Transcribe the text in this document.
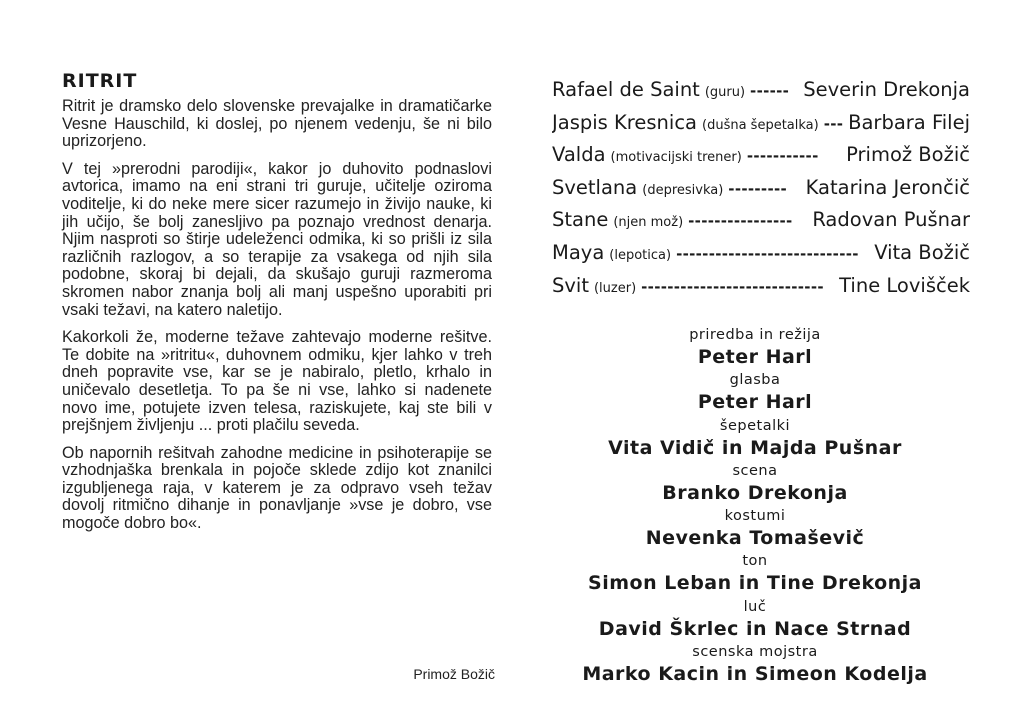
RITRIT

Ritrit je dramsko delo slovenske prevajalke in dramatičarke Vesne Hauschild, ki doslej, po njenem vedenju, še ni bilo uprizorjeno.

V tej »prerodni parodiji«, kakor jo duhovito podnaslovi avtorica, imamo na eni strani tri guruje, učitelje oziroma voditelje, ki do neke mere sicer razumejo in živijo nauke, ki jih učijo, še bolj zanesljivo pa poznajo vrednost denarja. Njim nasproti so štirje udeleženci odmika, ki so prišli iz sila različnih razlogov, a so terapije za vsakega od njih sila podobne, skoraj bi dejali, da skušajo guruji razmeroma skromen nabor znanja bolj ali manj uspešno uporabiti pri vsaki težavi, na katero naletijo.

Kakorkoli že, moderne težave zahtevajo moderne rešitve. Te dobite na »ritritu«, duhovnem odmiku, kjer lahko v treh dneh popravite vse, kar se je nabiralo, pletlo, krhalo in uničevalo desetletja. To pa še ni vse, lahko si nadenete novo ime, potujete izven telesa, raziskujete, kaj ste bili v prejšnjem življenju ... proti plačilu seveda.

Ob napornih rešitvah zahodne medicine in psihoterapije se vzhodnjaška brenkala in pojoče sklede zdijo kot znanilci izgubljenega raja, v katerem je za odpravo vseh težav dovolj ritmično dihanje in ponavljanje »vse je dobro, vse mogoče dobro bo«.

Primož Božič
Rafael de Saint (guru) ------ Severin Drekonja
Jaspis Kresnica (dušna šepetalka) --- Barbara Filej
Valda (motivacijski trener) -----------	Primož Božič
Svetlana (depresivka) --------- Katarina Jerončič
Stane (njen mož) ----------------	Radovan Pušnar
Maya (lepotica) ---------------------------- Vita Božič
Svit (luzer) ---------------------------- Tine Lovišček
priredba in režija
Peter Harl
glasba
Peter Harl
šepetalki
Vita Vidič in Majda Pušnar
scena
Branko Drekonja
kostumi
Nevenka Tomaševič
ton
Simon Leban in Tine Drekonja
luč
David Škrlec in Nace Strnad
scenska mojstra
Marko Kacin in Simeon Kodelja
